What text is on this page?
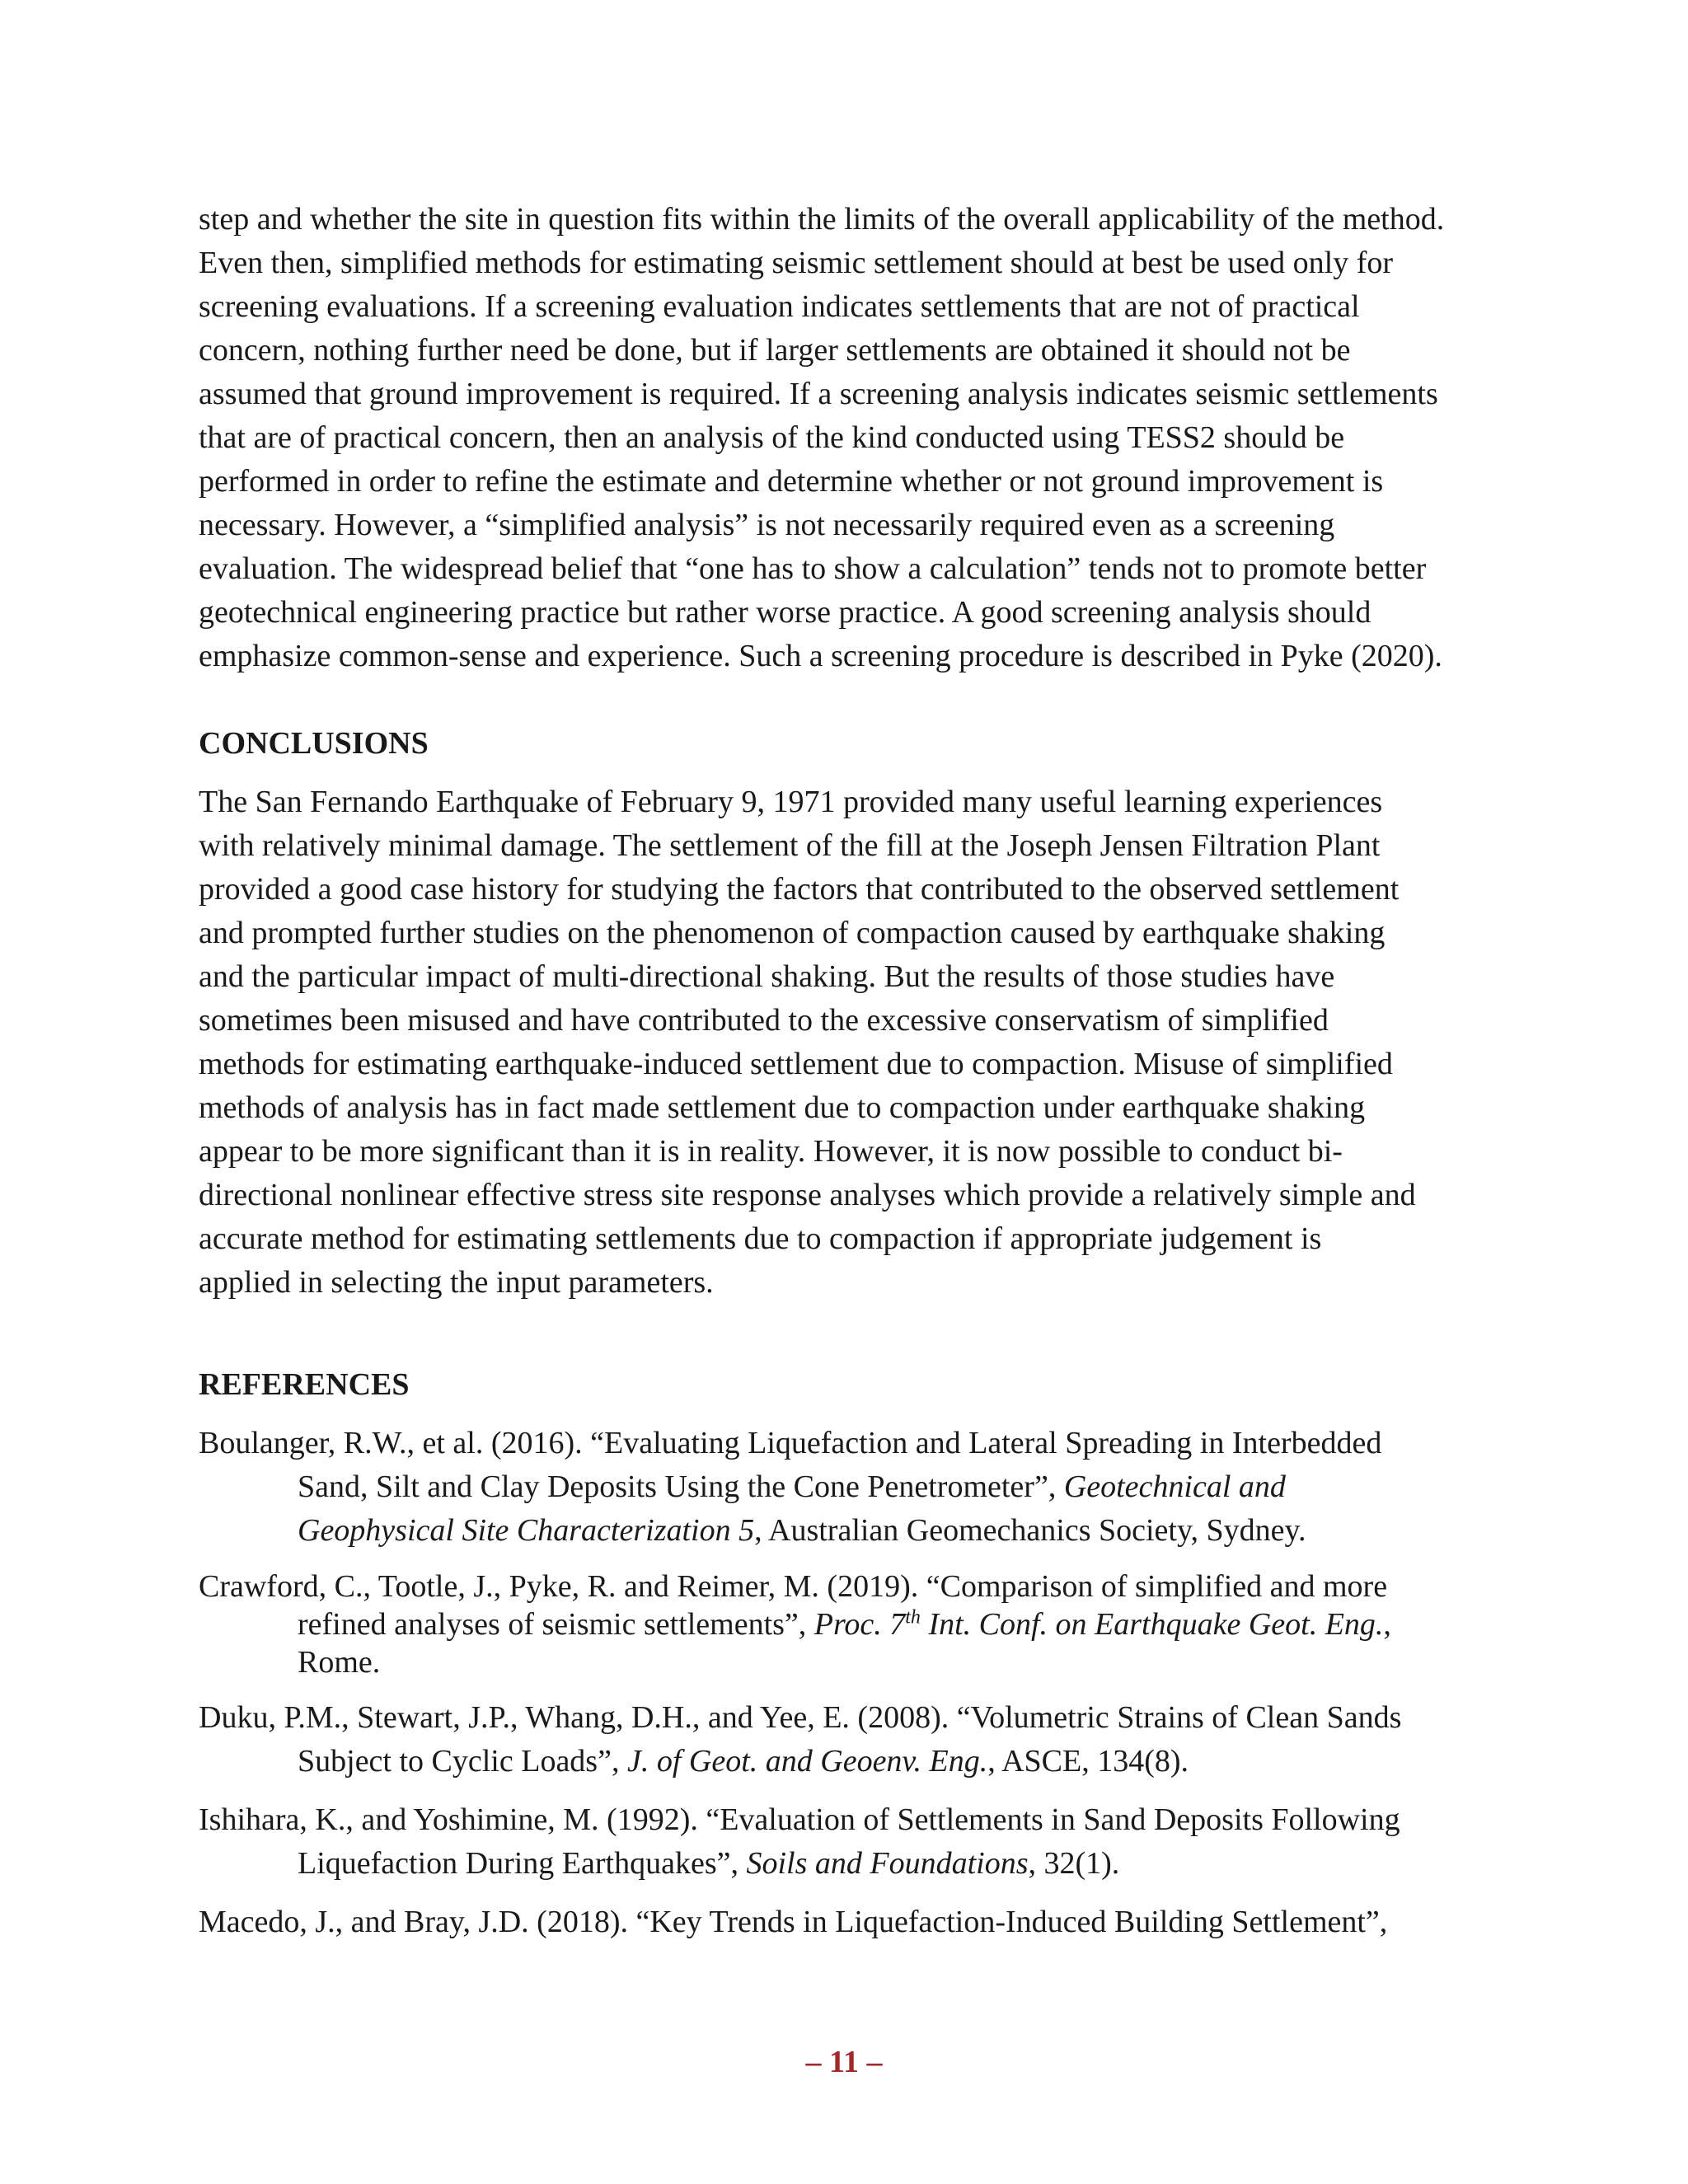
step and whether the site in question fits within the limits of the overall applicability of the method.
Even then, simplified methods for estimating seismic settlement should at best be used only for
screening evaluations. If a screening evaluation indicates settlements that are not of practical
concern, nothing further need be done, but if larger settlements are obtained it should not be
assumed that ground improvement is required. If a screening analysis indicates seismic settlements
that are of practical concern, then an analysis of the kind conducted using TESS2 should be
performed in order to refine the estimate and determine whether or not ground improvement is
necessary. However, a “simplified analysis” is not necessarily required even as a screening
evaluation. The widespread belief that “one has to show a calculation” tends not to promote better
geotechnical engineering practice but rather worse practice. A good screening analysis should
emphasize common-sense and experience. Such a screening procedure is described in Pyke (2020).
CONCLUSIONS
The San Fernando Earthquake of February 9, 1971 provided many useful learning experiences
with relatively minimal damage. The settlement of the fill at the Joseph Jensen Filtration Plant
provided a good case history for studying the factors that contributed to the observed settlement
and prompted further studies on the phenomenon of compaction caused by earthquake shaking
and the particular impact of multi-directional shaking. But the results of those studies have
sometimes been misused and have contributed to the excessive conservatism of simplified
methods for estimating earthquake-induced settlement due to compaction. Misuse of simplified
methods of analysis has in fact made settlement due to compaction under earthquake shaking
appear to be more significant than it is in reality. However, it is now possible to conduct bi-
directional nonlinear effective stress site response analyses which provide a relatively simple and
accurate method for estimating settlements due to compaction if appropriate judgement is
applied in selecting the input parameters.
REFERENCES
Boulanger, R.W., et al. (2016). “Evaluating Liquefaction and Lateral Spreading in Interbedded
Sand, Silt and Clay Deposits Using the Cone Penetrometer”, Geotechnical and
Geophysical Site Characterization 5, Australian Geomechanics Society, Sydney.
Crawford, C., Tootle, J., Pyke, R. and Reimer, M. (2019). “Comparison of simplified and more
refined analyses of seismic settlements”, Proc. 7th Int. Conf. on Earthquake Geot. Eng.,
Rome.
Duku, P.M., Stewart, J.P., Whang, D.H., and Yee, E. (2008). “Volumetric Strains of Clean Sands
Subject to Cyclic Loads”, J. of Geot. and Geoenv. Eng., ASCE, 134(8).
Ishihara, K., and Yoshimine, M. (1992). “Evaluation of Settlements in Sand Deposits Following
Liquefaction During Earthquakes”, Soils and Foundations, 32(1).
Macedo, J., and Bray, J.D. (2018). “Key Trends in Liquefaction-Induced Building Settlement”,
– 11 –
